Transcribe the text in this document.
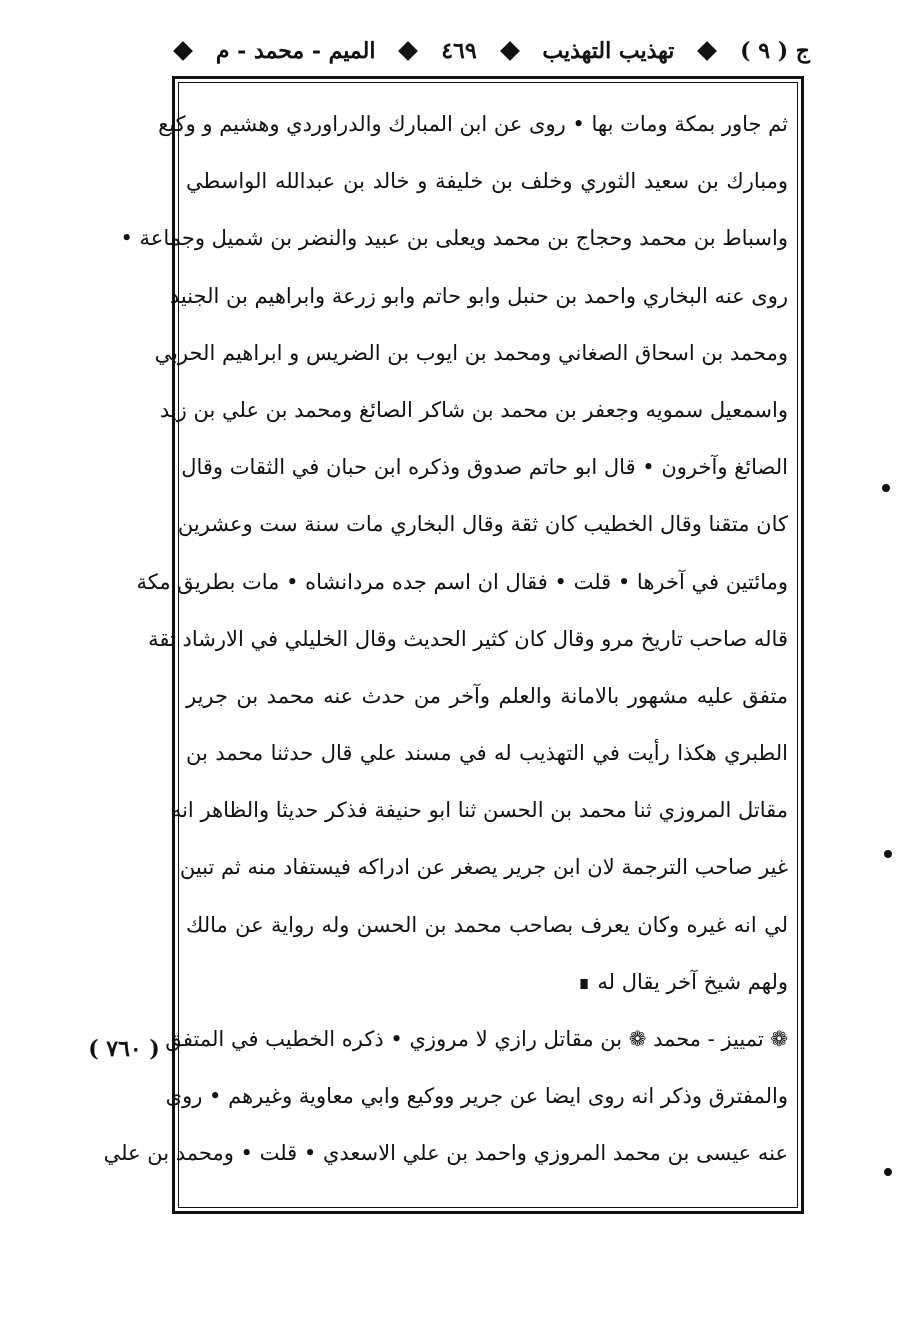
ج ( ٩ )
تهذيب التهذيب
٤٦٩
الميم - محمد - م
ثم جاور بمكة ومات بها • روى عن ابن المبارك والدراوردي وهشيم و وكيع
ومبارك بن سعيد الثوري وخلف بن خليفة و خالد بن عبدالله الواسطي
واسباط بن محمد وحجاج بن محمد ويعلى بن عبيد والنضر بن شميل وجماعة •
روى عنه البخاري واحمد بن حنبل وابو حاتم وابو زرعة وابراهيم بن الجنيد
ومحمد بن اسحاق الصغاني ومحمد بن ايوب بن الضريس و ابراهيم الحربي
واسمعيل سمويه وجعفر بن محمد بن شاكر الصائغ ومحمد بن علي بن زيد
الصائغ وآخرون • قال ابو حاتم صدوق وذكره ابن حبان في الثقات وقال
كان متقنا وقال الخطيب كان ثقة وقال البخاري مات سنة ست وعشرين
ومائتين في آخرها • قلت • فقال ان اسم جده مردانشاه • مات بطريق مكة
قاله صاحب تاريخ مرو وقال كان كثير الحديث وقال الخليلي في الارشاد ثقة
متفق عليه مشهور بالامانة والعلم وآخر من حدث عنه محمد بن جرير
الطبري هكذا رأيت في التهذيب له في مسند علي قال حدثنا محمد بن
مقاتل المروزي ثنا محمد بن الحسن ثنا ابو حنيفة فذكر حديثا والظاهر انه
غير صاحب الترجمة لان ابن جرير يصغر عن ادراكه فيستفاد منه ثم تبين
لي انه غيره وكان يعرف بصاحب محمد بن الحسن وله رواية عن مالك
ولهم شيخ آخر يقال له ∎
❁ تمييز - محمد ❁ بن مقاتل رازي لا مروزي • ذكره الخطيب في المتفق
والمفترق وذكر انه روى ايضا عن جرير ووكيع وابي معاوية وغيرهم • روى
عنه عيسى بن محمد المروزي واحمد بن علي الاسعدي • قلت • ومحمد بن علي
( ٧٦٠ )
